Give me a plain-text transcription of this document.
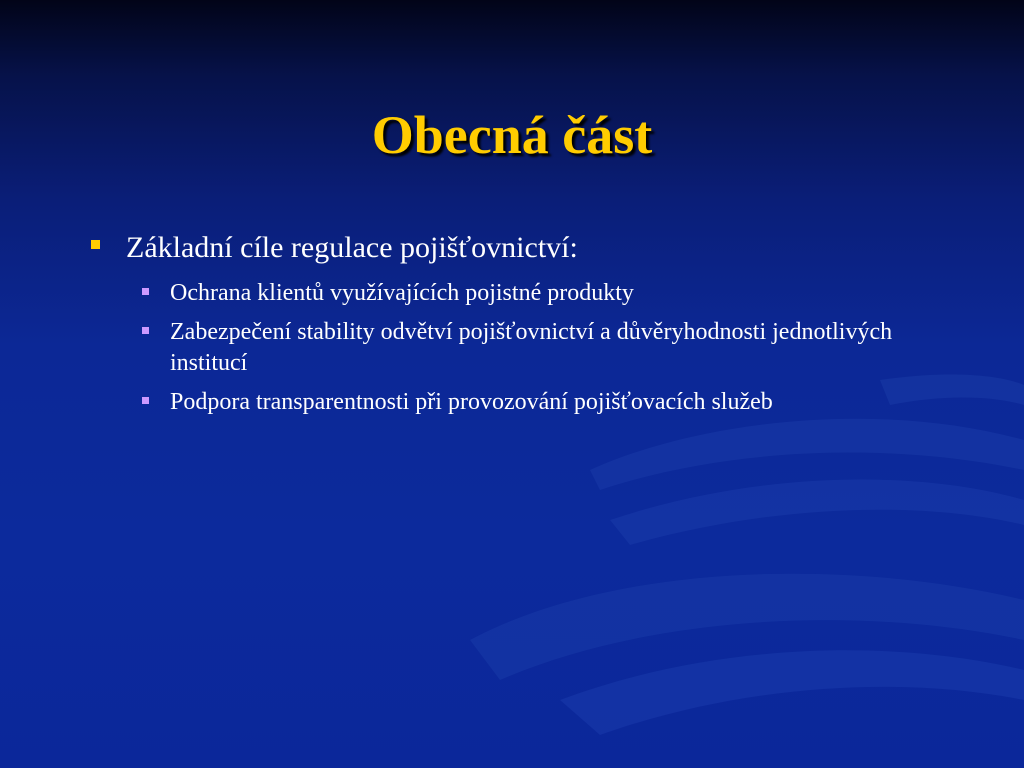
Obecná část
Základní cíle regulace pojišťovnictví:
Ochrana klientů využívajících pojistné produkty
Zabezpečení stability odvětví pojišťovnictví a důvěryhodnosti jednotlivých institucí
Podpora transparentnosti při provozování pojišťovacích služeb
